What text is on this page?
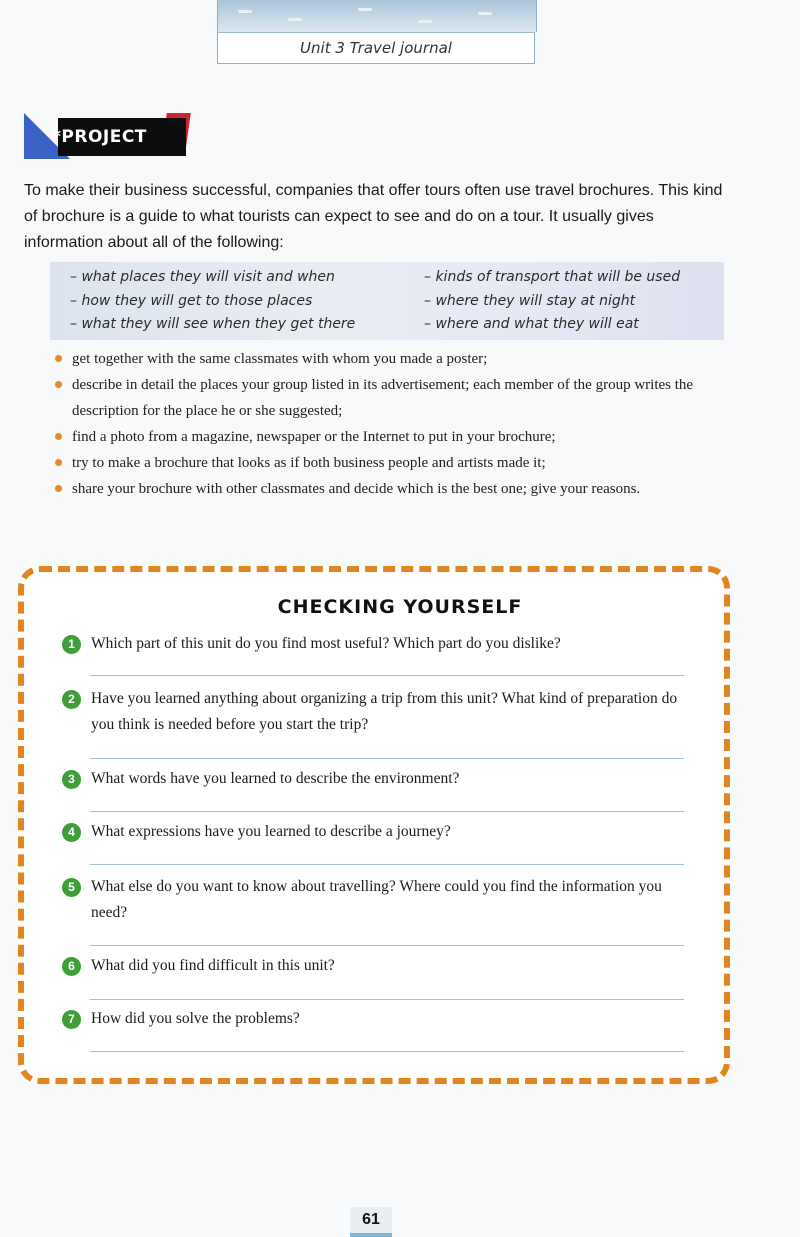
Unit 3 Travel journal
*PROJECT

To make their business successful, companies that offer tours often use travel brochures. This kind of brochure is a guide to what tourists can expect to see and do on a tour. It usually gives information about all of the following:

– what places they will visit and when
– how they will get to those places
– what they will see when they get there
– kinds of transport that will be used
– where they will stay at night
– where and what they will eat
get together with the same classmates with whom you made a poster;
describe in detail the places your group listed in its advertisement; each member of the group writes the description for the place he or she suggested;
find a photo from a magazine, newspaper or the Internet to put in your brochure;
try to make a brochure that looks as if both business people and artists made it;
share your brochure with other classmates and decide which is the best one; give your reasons.
CHECKING YOURSELF
1	Which part of this unit do you find most useful? Which part do you dislike?
2	Have you learned anything about organizing a trip from this unit? What kind of preparation do you think is needed before you start the trip?
3	What words have you learned to describe the environment?
4	What expressions have you learned to describe a journey?
5	What else do you want to know about travelling? Where could you find the information you need?
6	What did you find difficult in this unit?
7	How did you solve the problems?
61
